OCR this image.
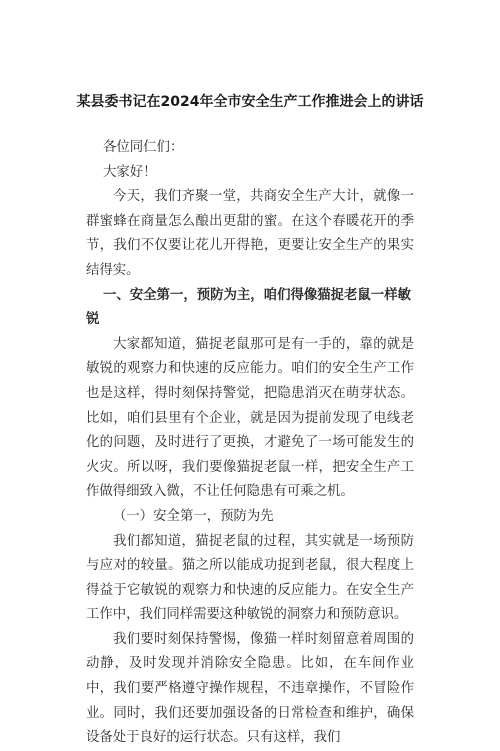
某县委书记在2024年全市安全生产工作推进会上的讲话

各位同仁们：

大家好！

今天，我们齐聚一堂，共商安全生产大计，就像一群蜜蜂在商量怎么酿出更甜的蜜。在这个春暖花开的季节，我们不仅要让花儿开得艳，更要让安全生产的果实结得实。

一、安全第一，预防为主，咱们得像猫捉老鼠一样敏锐

大家都知道，猫捉老鼠那可是有一手的，靠的就是敏锐的观察力和快速的反应能力。咱们的安全生产工作也是这样，得时刻保持警觉，把隐患消灭在萌芽状态。比如，咱们县里有个企业，就是因为提前发现了电线老化的问题，及时进行了更换，才避免了一场可能发生的火灾。所以呀，我们要像猫捉老鼠一样，把安全生产工作做得细致入微，不让任何隐患有可乘之机。

（一）安全第一，预防为先

我们都知道，猫捉老鼠的过程，其实就是一场预防与应对的较量。猫之所以能成功捉到老鼠，很大程度上得益于它敏锐的观察力和快速的反应能力。在安全生产工作中，我们同样需要这种敏锐的洞察力和预防意识。

我们要时刻保持警惕，像猫一样时刻留意着周围的动静，及时发现并消除安全隐患。比如，在车间作业中，我们要严格遵守操作规程，不违章操作，不冒险作业。同时，我们还要加强设备的日常检查和维护，确保设备处于良好的运行状态。只有这样，我们
